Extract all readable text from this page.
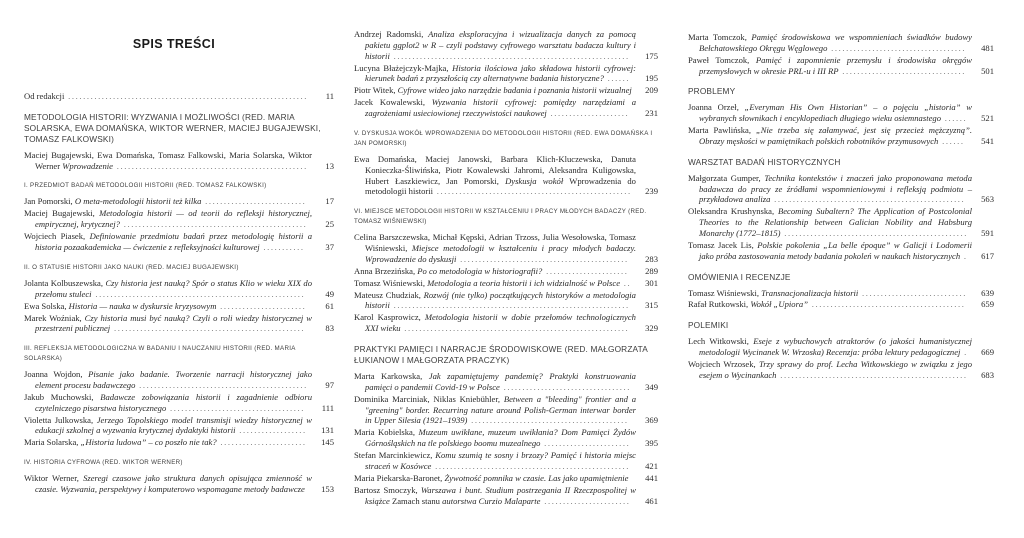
SPIS TREŚCI
Od redakcji ................................................................	11
METODOLOGIA HISTORII: WYZWANIA I MOŻLIWOŚCI (RED. MARIA SOLARSKA, EWA DOMAŃSKA, WIKTOR WERNER, MACIEJ BUGAJEWSKI, TOMASZ FALKOWSKI)
Maciej Bugajewski, Ewa Domańska, Tomasz Falkowski, Maria Solarska, Wiktor Werner Wprowadzenie ...................................................	13
I. PRZEDMIOT BADAŃ METODOLOGII HISTORII (RED. TOMASZ FALKOWSKI)
Jan Pomorski, O meta-metodologii historii też kilka ...........................	17
Maciej Bugajewski, Metodologia historii — od teorii do refleksji historycznej, empirycznej, krytycznej? .................................................	25
Wojciech Piasek, Definiowanie przedmiotu badań przez metodologię historii a historia pozaakademicka — ćwiczenie z refleksyjności kulturowej ...........	37
II. O STATUSIE HISTORII JAKO NAUKI (RED. MACIEJ BUGAJEWSKI)
Jolanta Kolbuszewska, Czy historia jest nauką? Spór o status Klio w wieku XIX do przełomu stuleci ........................................................	49
Ewa Solska, Historia — nauka w dyskursie kryzysowym .......................	61
Marek Woźniak, Czy historia musi być nauką? Czyli o roli wiedzy historycznej w przestrzeni publicznej ...................................................	83
III. REFLEKSJA METODOLOGICZNA W BADANIU I NAUCZANIU HISTORII (RED. MARIA SOLARSKA)
Joanna Wojdon, Pisanie jako badanie. Tworzenie narracji historycznej jako element procesu badawczego .............................................	97
Jakub Muchowski, Badawcze zobowiązania historii i zagadnienie odbioru czytelniczego pisarstwa historycznego ....................................	111
Violetta Julkowska, Jerzego Topolskiego model transmisji wiedzy historycznej w edukacji szkolnej a wyzwania krytycznej dydaktyki historii ..................	131
Maria Solarska, „Historia ludowa” – co poszło nie tak? .......................	145
IV. HISTORIA CYFROWA (RED. WIKTOR WERNER)
Wiktor Werner, Szeregi czasowe jako struktura danych opisująca zmienność w czasie. Wyzwania, perspektywy i komputerowo wspomagane metody badawcze	153
Andrzej Radomski, Analiza eksploracyjna i wizualizacja danych za pomocą pakietu ggplot2 w R – czyli podstawy cyfrowego warsztatu badacza kultury i historii ...............................................................	175
Lucyna Błażejczyk-Majka, Historia ilościowa jako składowa historii cyfrowej: kierunek badań z przyszłością czy alternatywne badania historyczne? ......	195
Piotr Witek, Cyfrowe wideo jako narzędzie badania i poznania historii wizualnej	209
Jacek Kowalewski, Wyzwania historii cyfrowej: pomiędzy narzędziami a zagrożeniami usieciowionej rzeczywistości naukowej .....................	231
V. DYSKUSJA WOKÓŁ WPROWADZENIA DO METODOLOGII HISTORII (RED. EWA DOMAŃSKA I JAN POMORSKI)
Ewa Domańska, Maciej Janowski, Barbara Klich-Kluczewska, Danuta Konieczka-Śliwińska, Piotr Kowalewski Jahromi, Aleksandra Kuligowska, Hubert Łaszkiewicz, Jan Pomorski, Dyskusja wokół Wprowadzenia do metodologii historii ....................................................	239
VI. MIEJSCE METODOLOGII HISTORII W KSZTAŁCENIU I PRACY MŁODYCH BADACZY (RED. TOMASZ WIŚNIEWSKI)
Celina Barszczewska, Michał Kępski, Adrian Trzoss, Julia Wesołowska, Tomasz Wiśniewski, Miejsce metodologii w kształceniu i pracy młodych badaczy. Wprowadzenie do dyskusji .............................................	283
Anna Brzezińska, Po co metodologia w historiografii? ......................	289
Tomasz Wiśniewski, Metodologia a teoria historii i ich widzialność w Polsce ..	301
Mateusz Chudziak, Rozwój (nie tylko) początkujących historyków a metodologia historii ...............................................................	315
Karol Kasprowicz, Metodologia historii w dobie przełomów technologicznych XXI wieku ............................................................	329
PRAKTYKI PAMIĘCI I NARRACJE ŚRODOWISKOWE (RED. MAŁGORZATA ŁUKIANOW I MAŁGORZATA PRACZYK)
Marta Karkowska, Jak zapamiętujemy pandemię? Praktyki konstruowania pamięci o pandemii Covid-19 w Polsce ..................................	349
Dominika Marciniak, Niklas Kniebühler, Between a "bleeding" frontier and a "greening" border. Recurring nature around Polish-German interwar border in Upper Silesia (1921–1939) ..........................................	369
Maria Kobielska, Muzeum uwikłane, muzeum uwikłania? Dom Pamięci Żydów Górnośląskich na tle polskiego boomu muzealnego .......................	395
Stefan Marcinkiewicz, Komu szumią te sosny i brzozy? Pamięć i historia miejsc straceń w Kosówce ....................................................	421
Maria Piekarska-Baronet, Żywotność pomnika w czasie. Las jako upamiętnienie	441
Bartosz Smoczyk, Warszawa i bunt. Studium postrzegania II Rzeczpospolitej w książce Zamach stanu autorstwa Curzio Malaparte .......................	461
Marta Tomczok, Pamięć środowiskowa we wspomnieniach świadków budowy Bełchatowskiego Okręgu Węglowego ....................................	481
Paweł Tomczok, Pamięć i zapomnienie przemysłu i środowiska okręgów przemysłowych w okresie PRL-u i III RP .................................	501
PROBLEMY
Joanna Orzeł, „Everyman His Own Historian” – o pojęciu „historia” w wybranych słownikach i encyklopediach długiego wieku osiemnastego ......	521
Marta Pawlińska, „Nie trzeba się załamywać, jest się przecież mężczyzną”. Obrazy męskości w pamiętnikach polskich robotników przymusowych ......	541
WARSZTAT BADAŃ HISTORYCZNYCH
Małgorzata Gumper, Technika kontekstów i znaczeń jako proponowana metoda badawcza do pracy ze źródłami wspomnieniowymi i refleksją podmiotu – przykładowa analiza ...................................................	563
Oleksandra Krushynska, Becoming Subaltern? The Application of Postcolonial Theories to the Relationship between Galician Nobility and Habsburg Monarchy (1772–1815) .................................................	591
Tomasz Jacek Lis, Polskie pokolenia „La belle époque” w Galicji i Lodomerii jako próba zastosowania metody badania pokoleń w naukach historycznych .	617
OMÓWIENIA I RECENZJE
Tomasz Wiśniewski, Transnacjonalizacja historii ............................	639
Rafał Rutkowski, Wokół „Upiora” .........................................	659
POLEMIKI
Lech Witkowski, Eseje z wybuchowych atraktorów (o jakości humanistycznej metodologii Wycinanek W. Wrzoska) Recenzja: próba lektury pedagogicznej .	669
Wojciech Wrzosek, Trzy sprawy do prof. Lecha Witkowskiego w związku z jego esejem o Wycinankach ..................................................	683
